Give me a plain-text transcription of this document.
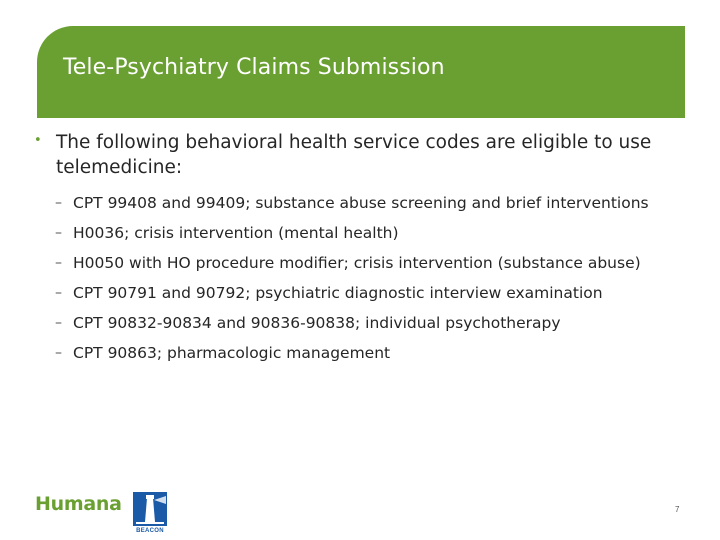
Tele-Psychiatry Claims Submission
• The following behavioral health service codes are eligible to use telemedicine:
– CPT 99408 and 99409; substance abuse screening and brief interventions
– H0036; crisis intervention (mental health)
– H0050 with HO procedure modifier; crisis intervention (substance abuse)
– CPT 90791 and 90792; psychiatric diagnostic interview examination
– CPT 90832-90834 and 90836-90838; individual psychotherapy
– CPT 90863; pharmacologic management
Humana
BEACON
7
